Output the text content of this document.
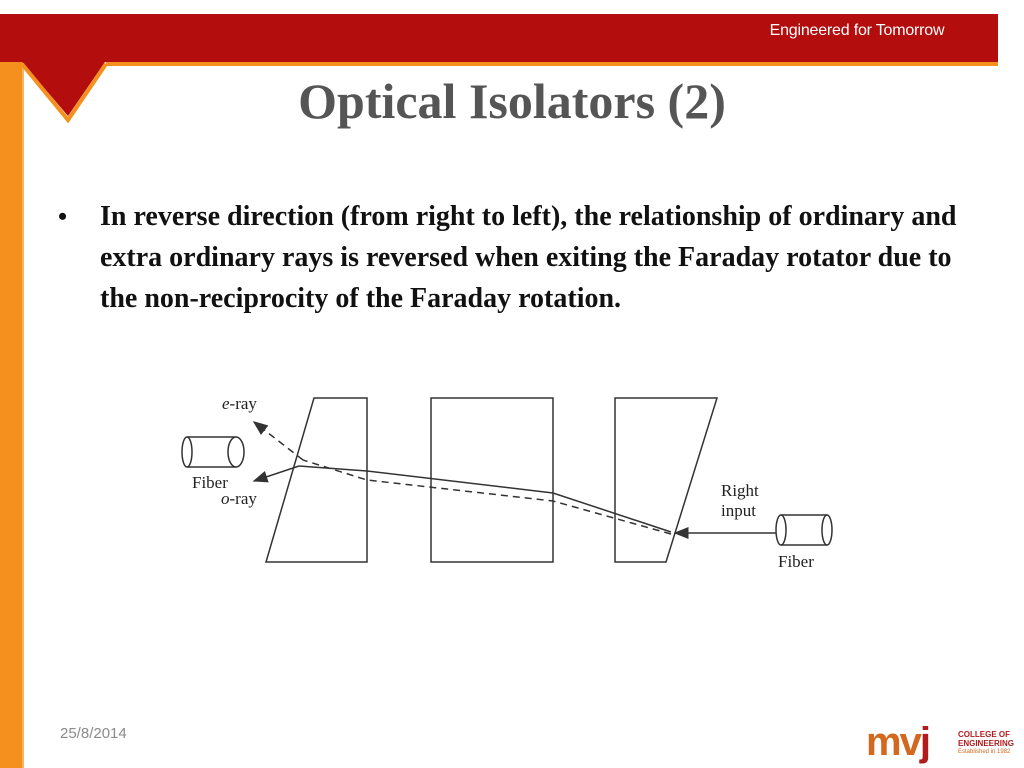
Engineered for Tomorrow
Optical Isolators (2)
• In reverse direction (from right to left), the relationship of ordinary and extra ordinary rays is reversed when exiting the Faraday rotator due to the non-reciprocity of the Faraday rotation.
e-ray
Fiber
o-ray	Right
input
Fiber
25/8/2014	mvj	COLLEGE OF
ENGINEERING
Established in 1982
